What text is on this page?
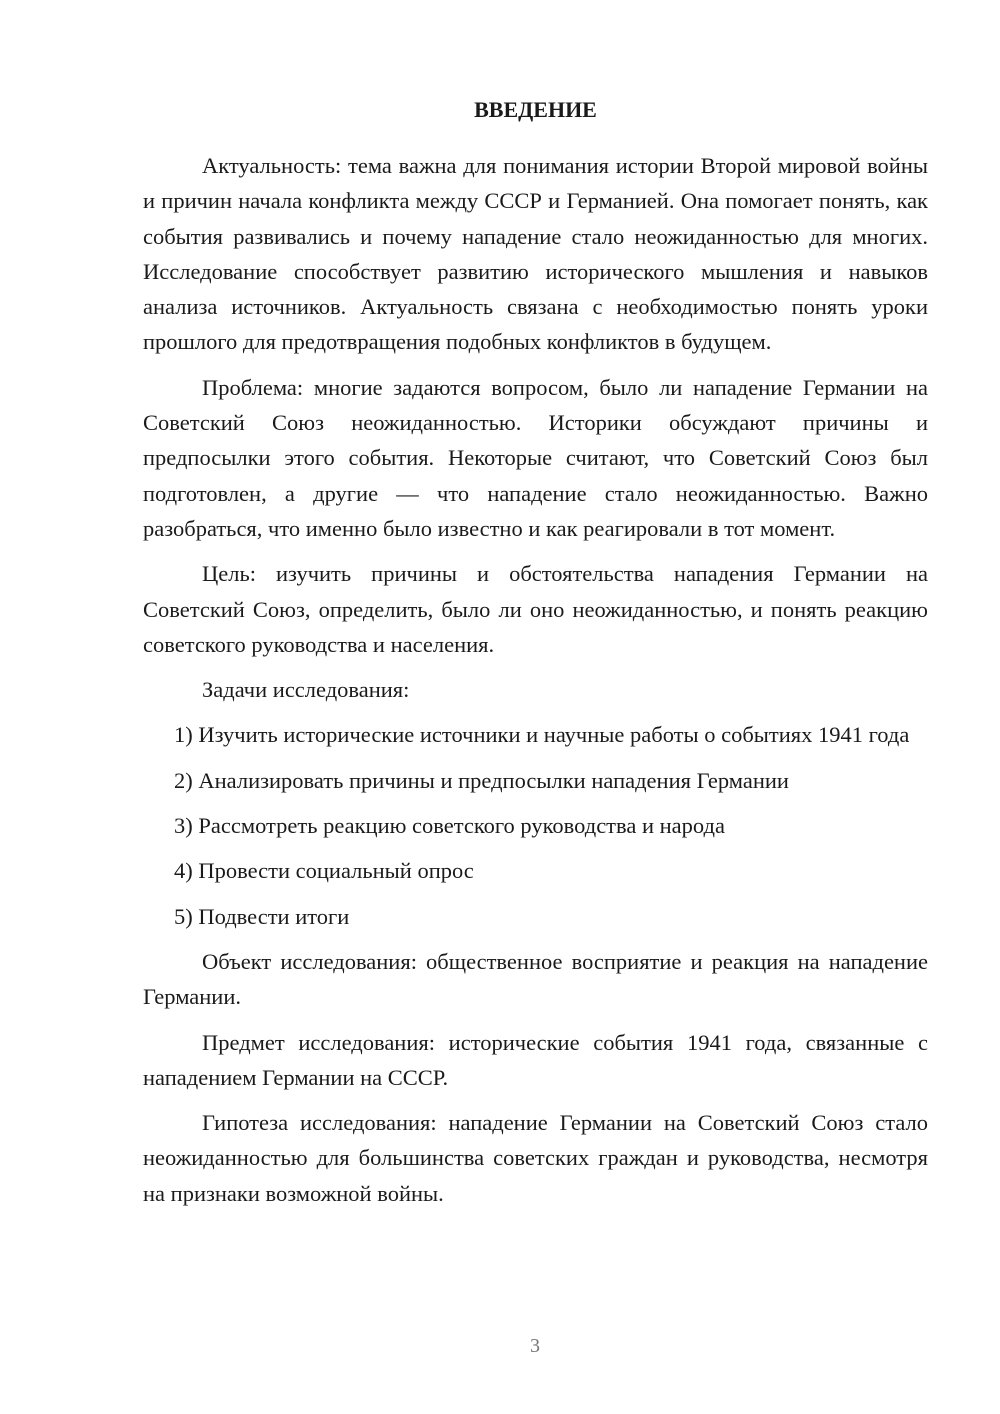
ВВЕДЕНИЕ

Актуальность: тема важна для понимания истории Второй мировой войны и причин начала конфликта между СССР и Германией. Она помогает понять, как события развивались и почему нападение стало неожиданностью для многих. Исследование способствует развитию исторического мышления и навыков анализа источников. Актуальность связана с необходимостью понять уроки прошлого для предотвращения подобных конфликтов в будущем.

Проблема: многие задаются вопросом, было ли нападение Германии на Советский Союз неожиданностью. Историки обсуждают причины и предпосылки этого события. Некоторые считают, что Советский Союз был подготовлен, а другие — что нападение стало неожиданностью. Важно разобраться, что именно было известно и как реагировали в тот момент.

Цель: изучить причины и обстоятельства нападения Германии на Советский Союз, определить, было ли оно неожиданностью, и понять реакцию советского руководства и населения.

Задачи исследования:

1) Изучить исторические источники и научные работы о событиях 1941 года

2) Анализировать причины и предпосылки нападения Германии

3) Рассмотреть реакцию советского руководства и народа

4) Провести социальный опрос

5) Подвести итоги

Объект исследования: общественное восприятие и реакция на нападение Германии.

Предмет исследования: исторические события 1941 года, связанные с нападением Германии на СССР.

Гипотеза исследования: нападение Германии на Советский Союз стало неожиданностью для большинства советских граждан и руководства, несмотря на признаки возможной войны.

3
